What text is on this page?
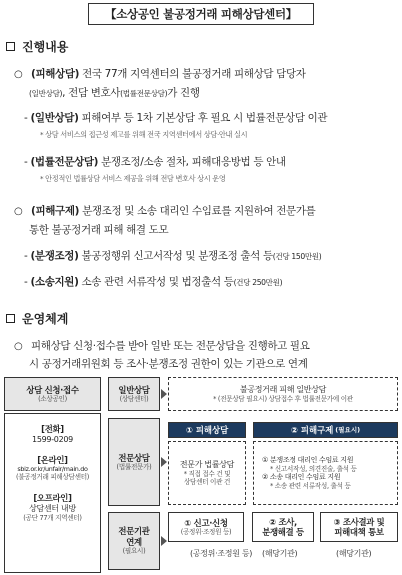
【소상공인 불공정거래 피해상담센터】
진행내용
○ (피해상담) 전국 77개 지역센터의 불공정거래 피해상담 담당자
(일반상담), 전담 변호사(법률전문상담)가 진행
- (일반상담) 피해여부 등 1차 기본상담 후 필요 시 법률전문상담 이관
* 상담 서비스의 접근성 제고를 위해 전국 지역센터에서 상담·안내 실시
- (법률전문상담) 분쟁조정/소송 절차, 피해대응방법 등 안내
* 안정적인 법률상담 서비스 제공을 위해 전담 변호사 상시 운영
○ (피해구제) 분쟁조정 및 소송 대리인 수임료를 지원하여 전문가를
통한 불공정거래 피해 해결 도모
- (분쟁조정) 불공정행위 신고서작성 및 분쟁조정 출석 등(건당 150만원)
- (소송지원) 소송 관련 서류작성 및 법정출석 등(건당 250만원)
운영체계
○ 피해상담 신청·접수를 받아 일반 또는 전문상담을 진행하고 필요
시 공정거래위원회 등 조사·분쟁조정 권한이 있는 기관으로 연계
상담 신청·접수
(소상공인)
[전화]
1599-0209
[온라인]
sbiz.or.kr/unfair/main.do
(불공정거래 피해상담센터)
[오프라인]
상담센터 내방
(공단 77개 지역센터)
일반상담
(상담센터)
전문상담
(법률전문가)
전문기관
연계
(필요시)
불공정거래 피해 일반상담
* (전문상담 필요시) 상담접수 후 법률전문가에 이관
① 피해상담	② 피해구제 (필요시)
전문가 법률상담
* 직접 접수 건 및
상담센터 이관 건
① 분쟁조정 대리인 수임료 지원
* 신고서작성, 의견진술, 출석 등
② 소송 대리인 수임료 지원
* 소송 관련 서류작성, 출석 등
① 신고·신청
(공정위·조정원 등)
② 조사,
분쟁해결 등
③ 조사결과 및
피해대책 통보
(공정위·조정원 등) (해당기관)	(해당기관)
